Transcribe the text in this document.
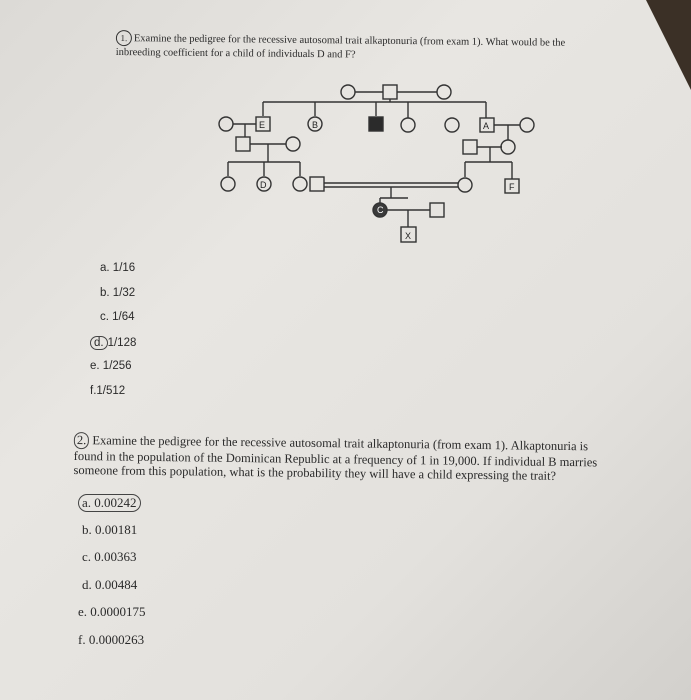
1. Examine the pedigree for the recessive autosomal trait alkaptonuria (from exam 1). What would be the
inbreeding coefficient for a child of individuals D and F?
E	B	A
D	F
C
X
a. 1/16
b. 1/32
c. 1/64
d. 1/128
e. 1/256
f.1/512
2. Examine the pedigree for the recessive autosomal trait alkaptonuria (from exam 1). Alkaptonuria is
found in the population of the Dominican Republic at a frequency of 1 in 19,000. If individual B marries
someone from this population, what is the probability they will have a child expressing the trait?
a. 0.00242
b. 0.00181
c. 0.00363
d. 0.00484
e. 0.0000175
f. 0.0000263
